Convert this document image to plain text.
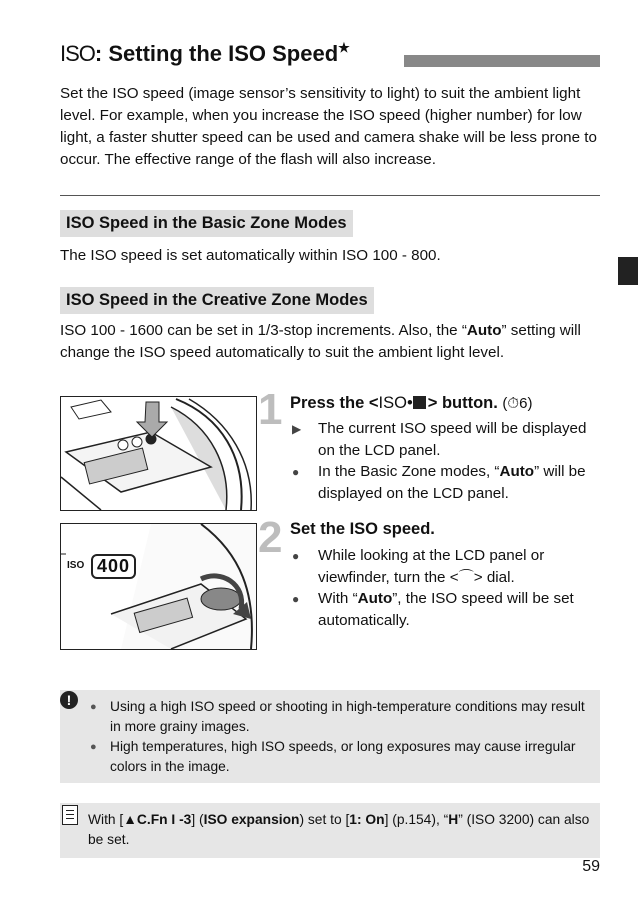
ISO: Setting the ISO Speed★
Set the ISO speed (image sensor’s sensitivity to light) to suit the ambient light level. For example, when you increase the ISO speed (higher number) for low light, a faster shutter speed can be used and camera shake will be less prone to occur. The effective range of the flash will also increase.
ISO Speed in the Basic Zone Modes
The ISO speed is set automatically within ISO 100 - 800.
ISO Speed in the Creative Zone Modes
ISO 100 - 1600 can be set in 1/3-stop increments. Also, the “Auto” setting will change the ISO speed automatically to suit the ambient light level.
1 Press the <ISO• > button. (⏱6)
▶ The current ISO speed will be displayed on the LCD panel.
● In the Basic Zone modes, “Auto” will be displayed on the LCD panel.
ISO 400
2 Set the ISO speed.
● While looking at the LCD panel or viewfinder, turn the <⌒> dial.
● With “Auto”, the ISO speed will be set automatically.
!	● Using a high ISO speed or shooting in high-temperature conditions may result in more grainy images.
● High temperatures, high ISO speeds, or long exposures may cause irregular colors in the image.
With [▲C.Fn I -3] (ISO expansion) set to [1: On] (p.154), “H” (ISO 3200) can also be set.
59
